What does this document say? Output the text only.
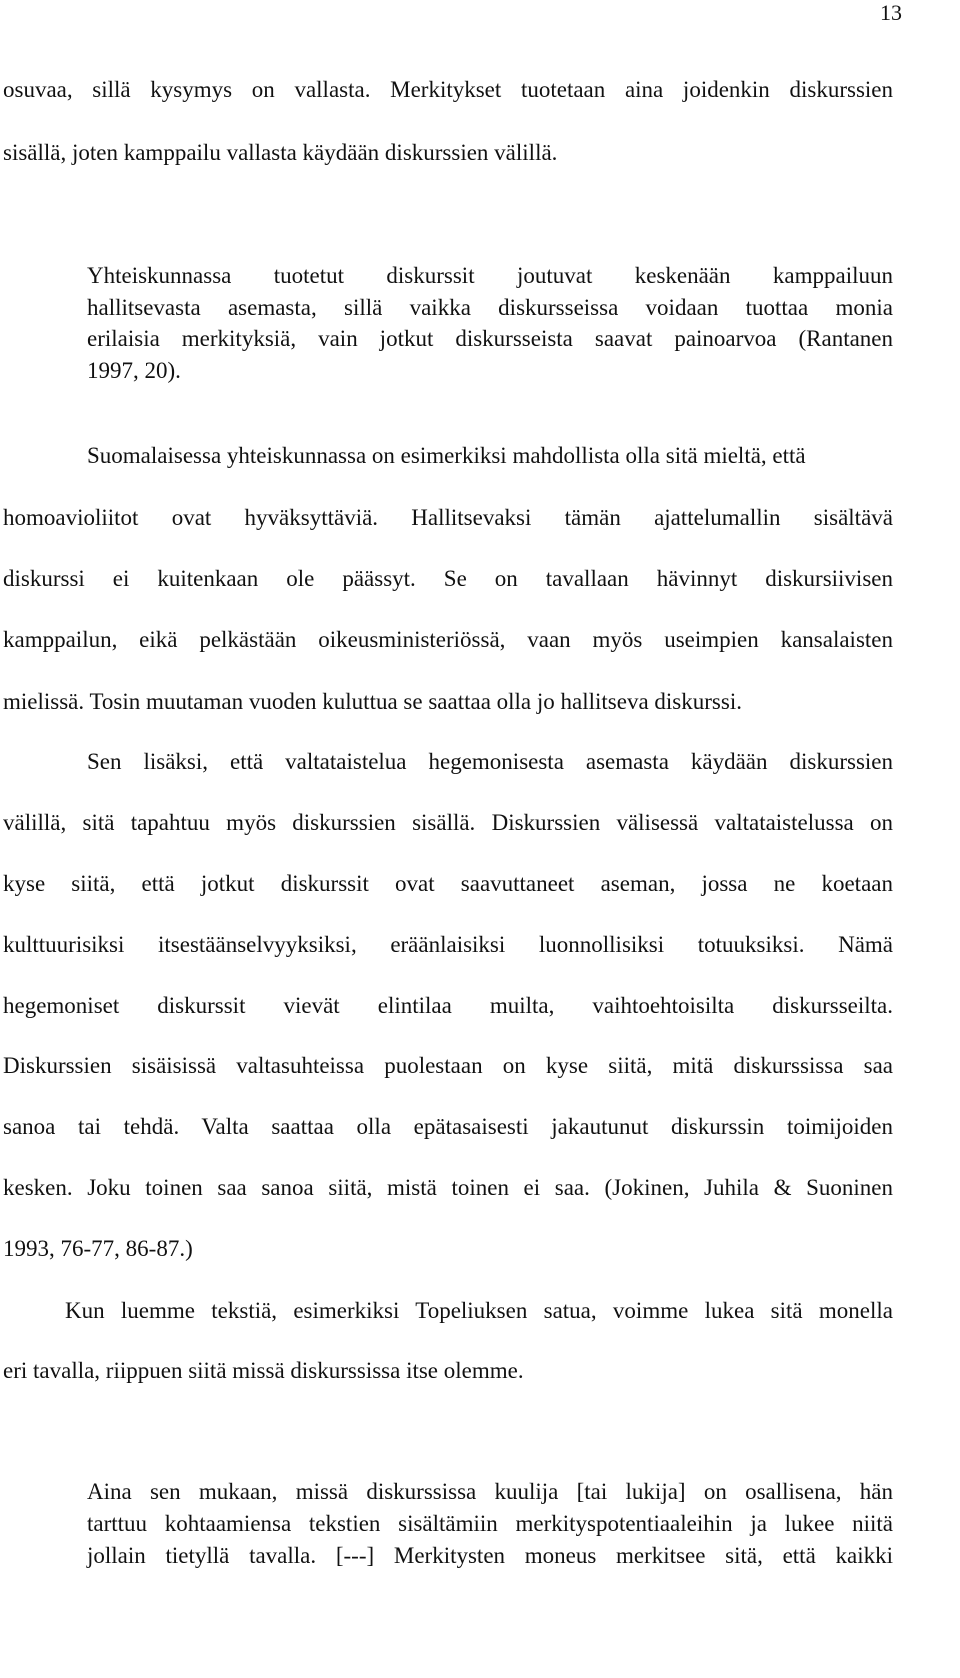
13
osuvaa, sillä kysymys on vallasta. Merkitykset tuotetaan aina joidenkin diskurssien
sisällä, joten kamppailu vallasta käydään diskurssien välillä.
Yhteiskunnassa tuotetut diskurssit joutuvat keskenään kamppailuun
hallitsevasta asemasta, sillä vaikka diskursseissa voidaan tuottaa monia
erilaisia merkityksiä, vain jotkut diskursseista saavat painoarvoa (Rantanen
1997, 20).
Suomalaisessa yhteiskunnassa on esimerkiksi mahdollista olla sitä mieltä, että
homoavioliitot ovat hyväksyttäviä. Hallitsevaksi tämän ajattelumallin sisältävä
diskurssi ei kuitenkaan ole päässyt. Se on tavallaan hävinnyt diskursiivisen
kamppailun, eikä pelkästään oikeusministeriössä, vaan myös useimpien kansalaisten
mielissä. Tosin muutaman vuoden kuluttua se saattaa olla jo hallitseva diskurssi.
Sen lisäksi, että valtataistelua hegemonisesta asemasta käydään diskurssien
välillä, sitä tapahtuu myös diskurssien sisällä. Diskurssien välisessä valtataistelussa on
kyse siitä, että jotkut diskurssit ovat saavuttaneet aseman, jossa ne koetaan
kulttuurisiksi itsestäänselvyyksiksi, eräänlaisiksi luonnollisiksi totuuksiksi. Nämä
hegemoniset diskurssit vievät elintilaa muilta, vaihtoehtoisilta diskursseilta.
Diskurssien sisäisissä valtasuhteissa puolestaan on kyse siitä, mitä diskurssissa saa
sanoa tai tehdä. Valta saattaa olla epätasaisesti jakautunut diskurssin toimijoiden
kesken. Joku toinen saa sanoa siitä, mistä toinen ei saa. (Jokinen, Juhila & Suoninen
1993, 76-77, 86-87.)
Kun luemme tekstiä, esimerkiksi Topeliuksen satua, voimme lukea sitä monella
eri tavalla, riippuen siitä missä diskurssissa itse olemme.
Aina sen mukaan, missä diskurssissa kuulija [tai lukija] on osallisena, hän
tarttuu kohtaamiensa tekstien sisältämiin merkityspotentiaaleihin ja lukee niitä
jollain tietyllä tavalla. [---] Merkitysten moneus merkitsee sitä, että kaikki
